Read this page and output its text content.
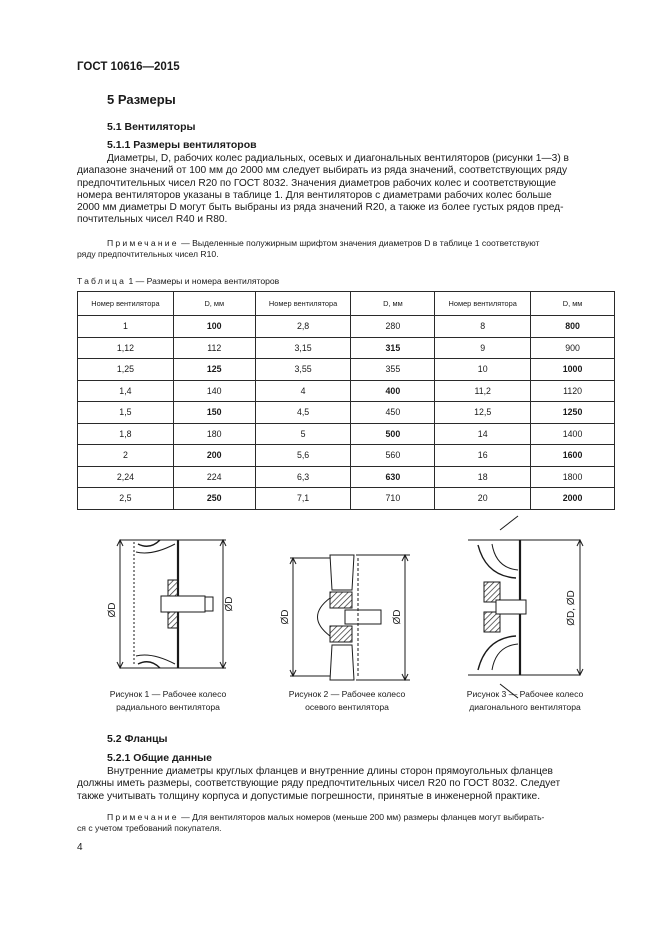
ГОСТ 10616—2015
5 Размеры
5.1 Вентиляторы
5.1.1 Размеры вентиляторов
Диаметры, D, рабочих колес радиальных, осевых и диагональных вентиляторов (рисунки 1—3) в
диапазоне значений от 100 мм до 2000 мм следует выбирать из ряда значений, соответствующих ряду
предпочтительных чисел R20 по ГОСТ 8032. Значения диаметров рабочих колес и соответствующие
номера вентиляторов указаны в таблице 1. Для вентиляторов с диаметрами рабочих колес больше
2000 мм диаметры D могут быть выбраны из ряда значений R20, а также из более густых рядов пред-
почтительных чисел R40 и R80.
Примечание — Выделенные полужирным шрифтом значения диаметров D в таблице 1 соответствуют
ряду предпочтительных чисел R10.
Таблица 1 — Размеры и номера вентиляторов
Номер вентилятора	D, мм	Номер вентилятора	D, мм	Номер вентилятора	D, мм
1	100	2,8	280	8	800
1,12	112	3,15	315	9	900
1,25	125	3,55	355	10	1000
1,4	140	4	400	11,2	1120
1,5	150	4,5	450	12,5	1250
1,8	180	5	500	14	1400
2	200	5,6	560	16	1600
2,24	224	6,3	630	18	1800
2,5	250	7,1	710	20	2000
ØD	ØD
ØD	ØD	ØD, ØD
Рисунок 1 — Рабочее колесо
радиального вентилятора
Рисунок 2 — Рабочее колесо
осевого вентилятора
Рисунок 3 — Рабочее колесо
диагонального вентилятора
5.2 Фланцы
5.2.1 Общие данные
Внутренние диаметры круглых фланцев и внутренние длины сторон прямоугольных фланцев
должны иметь размеры, соответствующие ряду предпочтительных чисел R20 по ГОСТ 8032. Следует
также учитывать толщину корпуса и допустимые погрешности, принятые в инженерной практике.
Примечание — Для вентиляторов малых номеров (меньше 200 мм) размеры фланцев могут выбирать-
ся с учетом требований покупателя.
4
